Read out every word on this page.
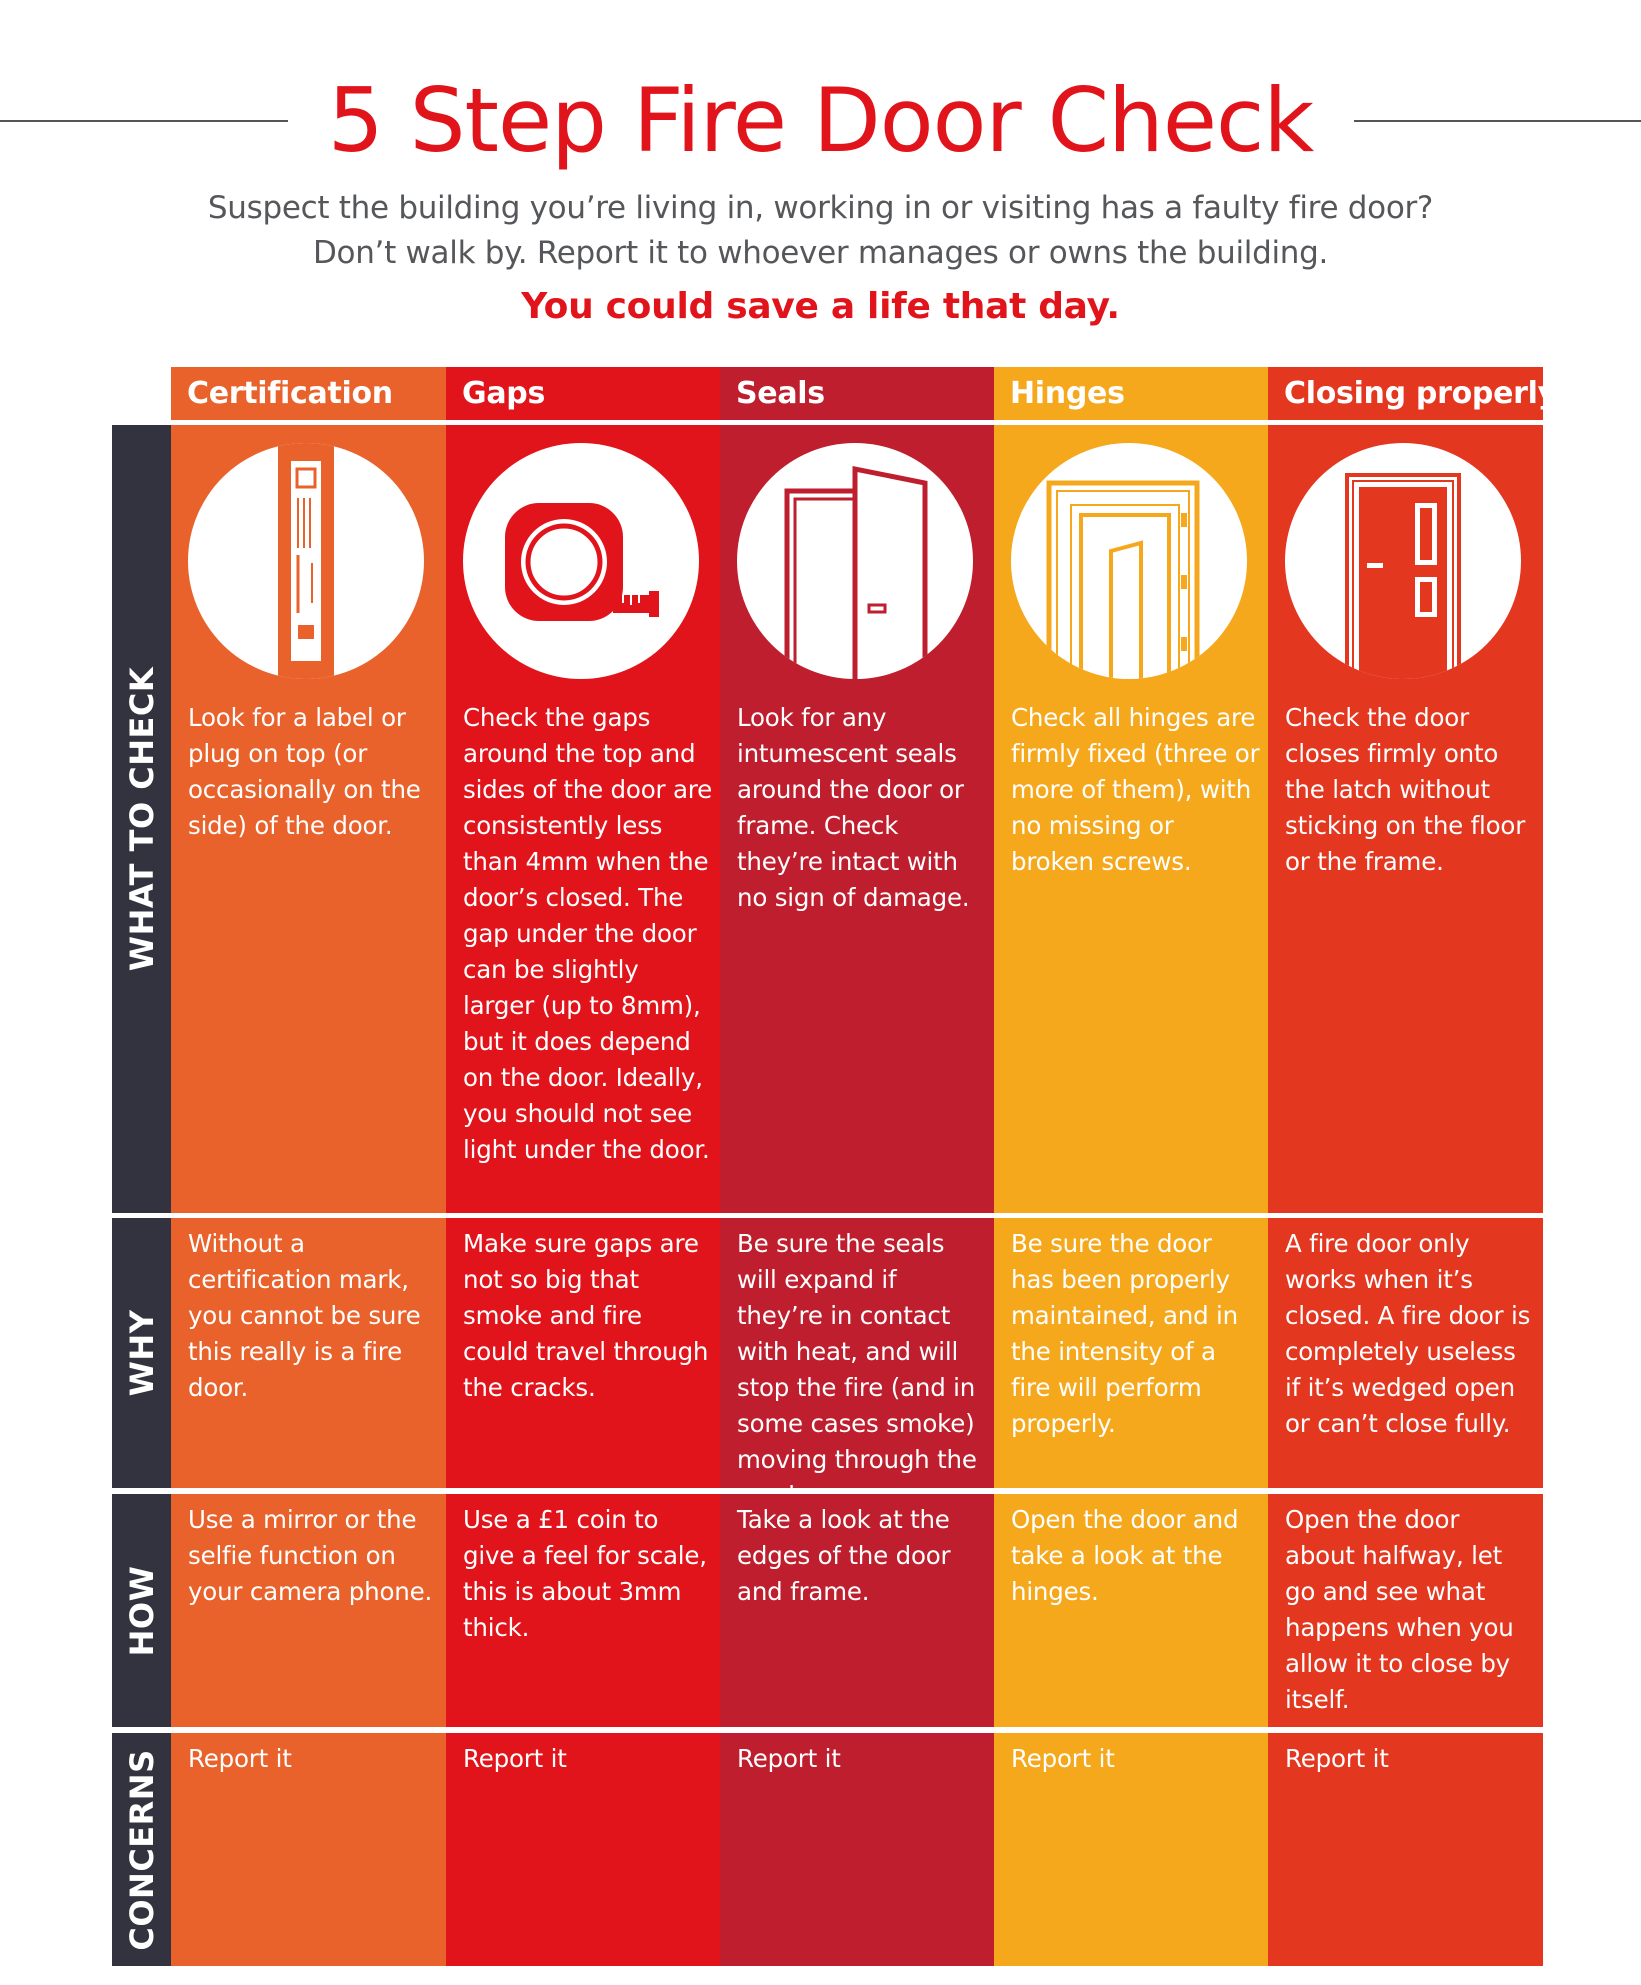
5 Step Fire Door Check
Suspect the building you’re living in, working in or visiting has a faulty fire door?
Don’t walk by. Report it to whoever manages or owns the building.
You could save a life that day.
WHAT TO CHECK
WHY
HOW
CONCERNS
Certification
Look for a label or plug on top (or occasionally on the side) of the door.
Without a certification mark, you cannot be sure this really is a fire door.
Use a mirror or the selfie function on your camera phone.
Report it
Gaps
Check the gaps around the top and sides of the door are consistently less than 4mm when the door’s closed. The gap under the door can be slightly larger (up to 8mm), but it does depend on the door. Ideally, you should not see light under the door.
Make sure gaps are not so big that smoke and fire could travel through the cracks.
Use a £1 coin to give a feel for scale, this is about 3mm thick.
Report it
Seals
Look for any intumescent seals around the door or frame. Check they’re intact with no sign of damage.
Be sure the seals will expand if they’re in contact with heat, and will stop the fire (and in some cases smoke) moving through the
Take a look at the edges of the door and frame.
Report it
Hinges
Check all hinges are firmly fixed (three or more of them), with no missing or broken screws.
Be sure the door has been properly maintained, and in the intensity of a fire will perform properly.
Open the door and take a look at the hinges.
Report it
Closing properly
Check the door closes firmly onto the latch without sticking on the floor or the frame.
A fire door only works when it’s closed. A fire door is completely useless if it’s wedged open or can’t close fully.
Open the door about halfway, let go and see what happens when you allow it to close by itself.
Report it
